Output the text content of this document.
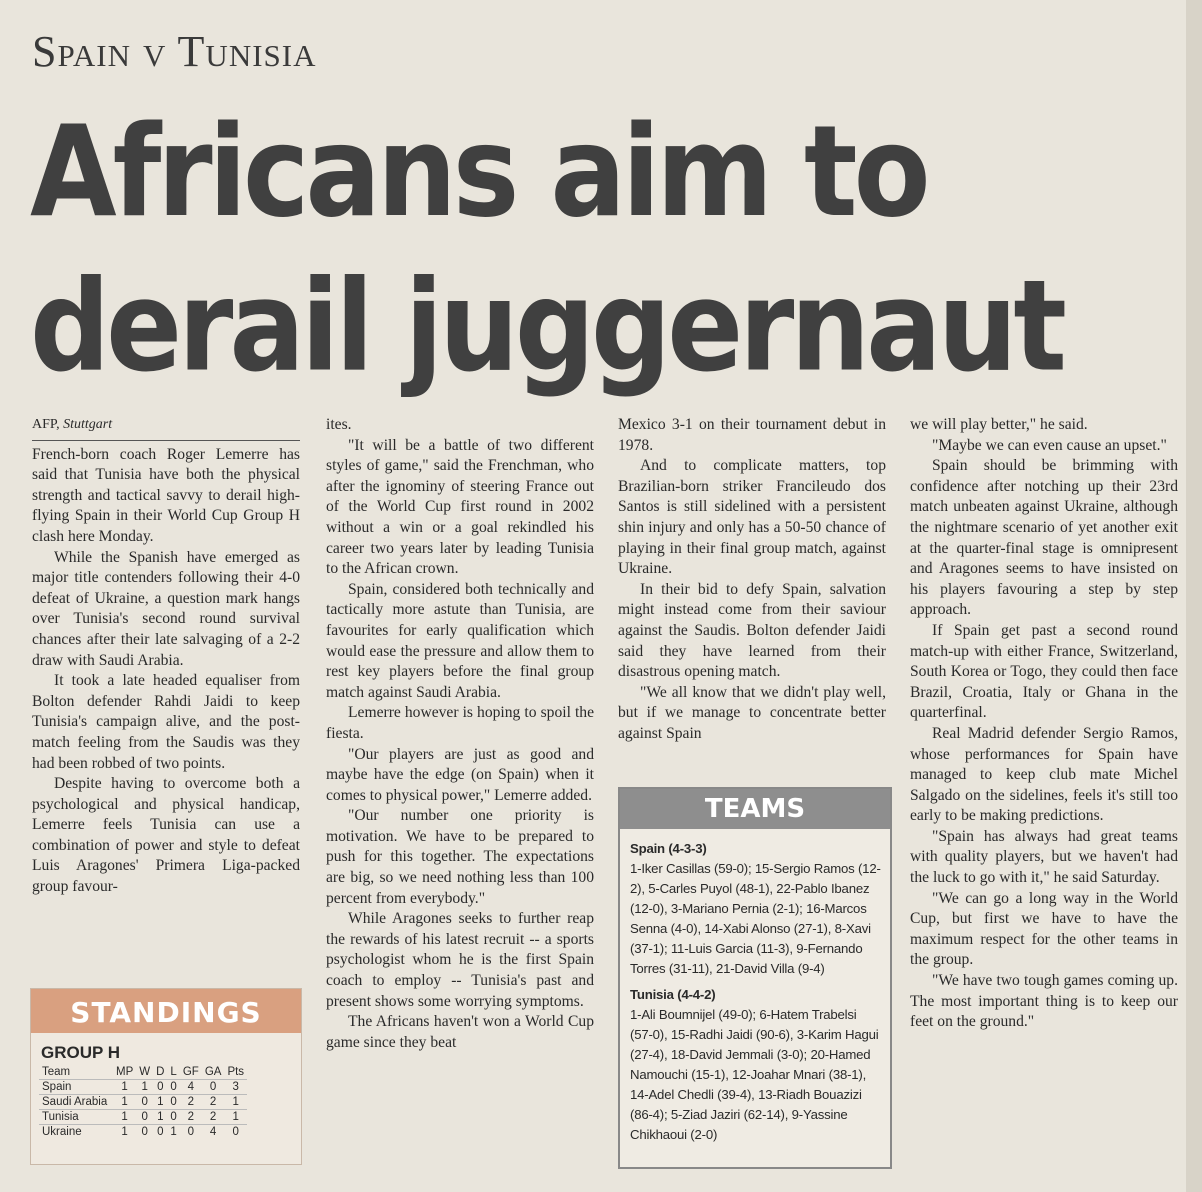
Spain v Tunisia
Africans aim to derail juggernaut
AFP, Stuttgart

French-born coach Roger Lemerre has said that Tunisia have both the physical strength and tactical savvy to derail high-flying Spain in their World Cup Group H clash here Monday.

While the Spanish have emerged as major title contenders following their 4-0 defeat of Ukraine, a question mark hangs over Tunisia's second round survival chances after their late salvaging of a 2-2 draw with Saudi Arabia.

It took a late headed equaliser from Bolton defender Rahdi Jaidi to keep Tunisia's campaign alive, and the post-match feeling from the Saudis was they had been robbed of two points.

Despite having to overcome both a psychological and physical handicap, Lemerre feels Tunisia can use a combination of power and style to defeat Luis Aragones' Primera Liga-packed group favour-

ites.

"It will be a battle of two different styles of game," said the Frenchman, who after the ignominy of steering France out of the World Cup first round in 2002 without a win or a goal rekindled his career two years later by leading Tunisia to the African crown.

Spain, considered both technically and tactically more astute than Tunisia, are favourites for early qualification which would ease the pressure and allow them to rest key players before the final group match against Saudi Arabia.

Lemerre however is hoping to spoil the fiesta.

"Our players are just as good and maybe have the edge (on Spain) when it comes to physical power," Lemerre added.

"Our number one priority is motivation. We have to be prepared to push for this together. The expectations are big, so we need nothing less than 100 percent from everybody."

While Aragones seeks to further reap the rewards of his latest recruit -- a sports psychologist whom he is the first Spain coach to employ -- Tunisia's past and present shows some worrying symptoms.

The Africans haven't won a World Cup game since they beat

Mexico 3-1 on their tournament debut in 1978.

And to complicate matters, top Brazilian-born striker Francileudo dos Santos is still sidelined with a persistent shin injury and only has a 50-50 chance of playing in their final group match, against Ukraine.

In their bid to defy Spain, salvation might instead come from their saviour against the Saudis. Bolton defender Jaidi said they have learned from their disastrous opening match.

"We all know that we didn't play well, but if we manage to concentrate better against Spain

we will play better," he said.

"Maybe we can even cause an upset."

Spain should be brimming with confidence after notching up their 23rd match unbeaten against Ukraine, although the nightmare scenario of yet another exit at the quarter-final stage is omnipresent and Aragones seems to have insisted on his players favouring a step by step approach.

If Spain get past a second round match-up with either France, Switzerland, South Korea or Togo, they could then face Brazil, Croatia, Italy or Ghana in the quarterfinal.

Real Madrid defender Sergio Ramos, whose performances for Spain have managed to keep club mate Michel Salgado on the sidelines, feels it's still too early to be making predictions.

"Spain has always had great teams with quality players, but we haven't had the luck to go with it," he said Saturday.

"We can go a long way in the World Cup, but first we have to have the maximum respect for the other teams in the group.

"We have two tough games coming up. The most important thing is to keep our feet on the ground."

STANDINGS
GROUP H
Team	MP	W	D	L	GF	GA	Pts
Spain	1	1	0	0	4	0	3
Saudi Arabia	1	0	1	0	2	2	1
Tunisia	1	0	1	0	2	2	1
Ukraine	1	0	0	1	0	4	0
TEAMS
Spain (4-3-3)
1-Iker Casillas (59-0); 15-Sergio Ramos (12-2), 5-Carles Puyol (48-1), 22-Pablo Ibanez (12-0), 3-Mariano Pernia (2-1); 16-Marcos Senna (4-0), 14-Xabi Alonso (27-1), 8-Xavi (37-1); 11-Luis Garcia (11-3), 9-Fernando Torres (31-11), 21-David Villa (9-4)
Tunisia (4-4-2)
1-Ali Boumnijel (49-0); 6-Hatem Trabelsi (57-0), 15-Radhi Jaidi (90-6), 3-Karim Hagui (27-4), 18-David Jemmali (3-0); 20-Hamed Namouchi (15-1), 12-Joahar Mnari (38-1), 14-Adel Chedli (39-4), 13-Riadh Bouazizi (86-4); 5-Ziad Jaziri (62-14), 9-Yassine Chikhaoui (2-0)
